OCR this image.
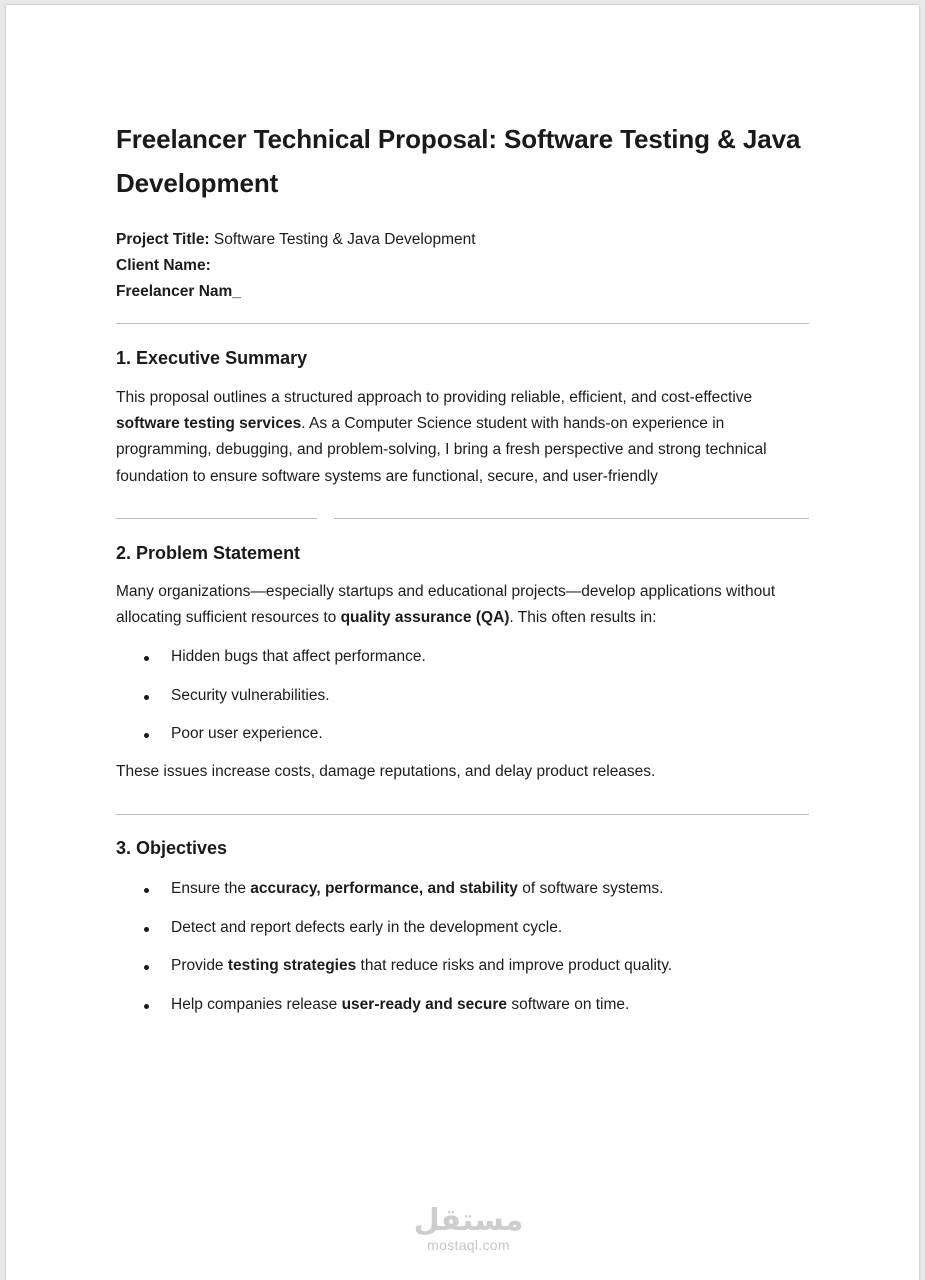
Freelancer Technical Proposal: Software Testing & Java Development
Project Title: Software Testing & Java Development
Client Name:
Freelancer Nam_
1. Executive Summary

This proposal outlines a structured approach to providing reliable, efficient, and cost-effective software testing services. As a Computer Science student with hands-on experience in programming, debugging, and problem-solving, I bring a fresh perspective and strong technical foundation to ensure software systems are functional, secure, and user-friendly

2. Problem Statement

Many organizations—especially startups and educational projects—develop applications without allocating sufficient resources to quality assurance (QA). This often results in:

Hidden bugs that affect performance.
Security vulnerabilities.
Poor user experience.

These issues increase costs, damage reputations, and delay product releases.

3. Objectives
Ensure the accuracy, performance, and stability of software systems.
Detect and report defects early in the development cycle.
Provide testing strategies that reduce risks and improve product quality.
Help companies release user-ready and secure software on time.
مستقل
mostaql.com
